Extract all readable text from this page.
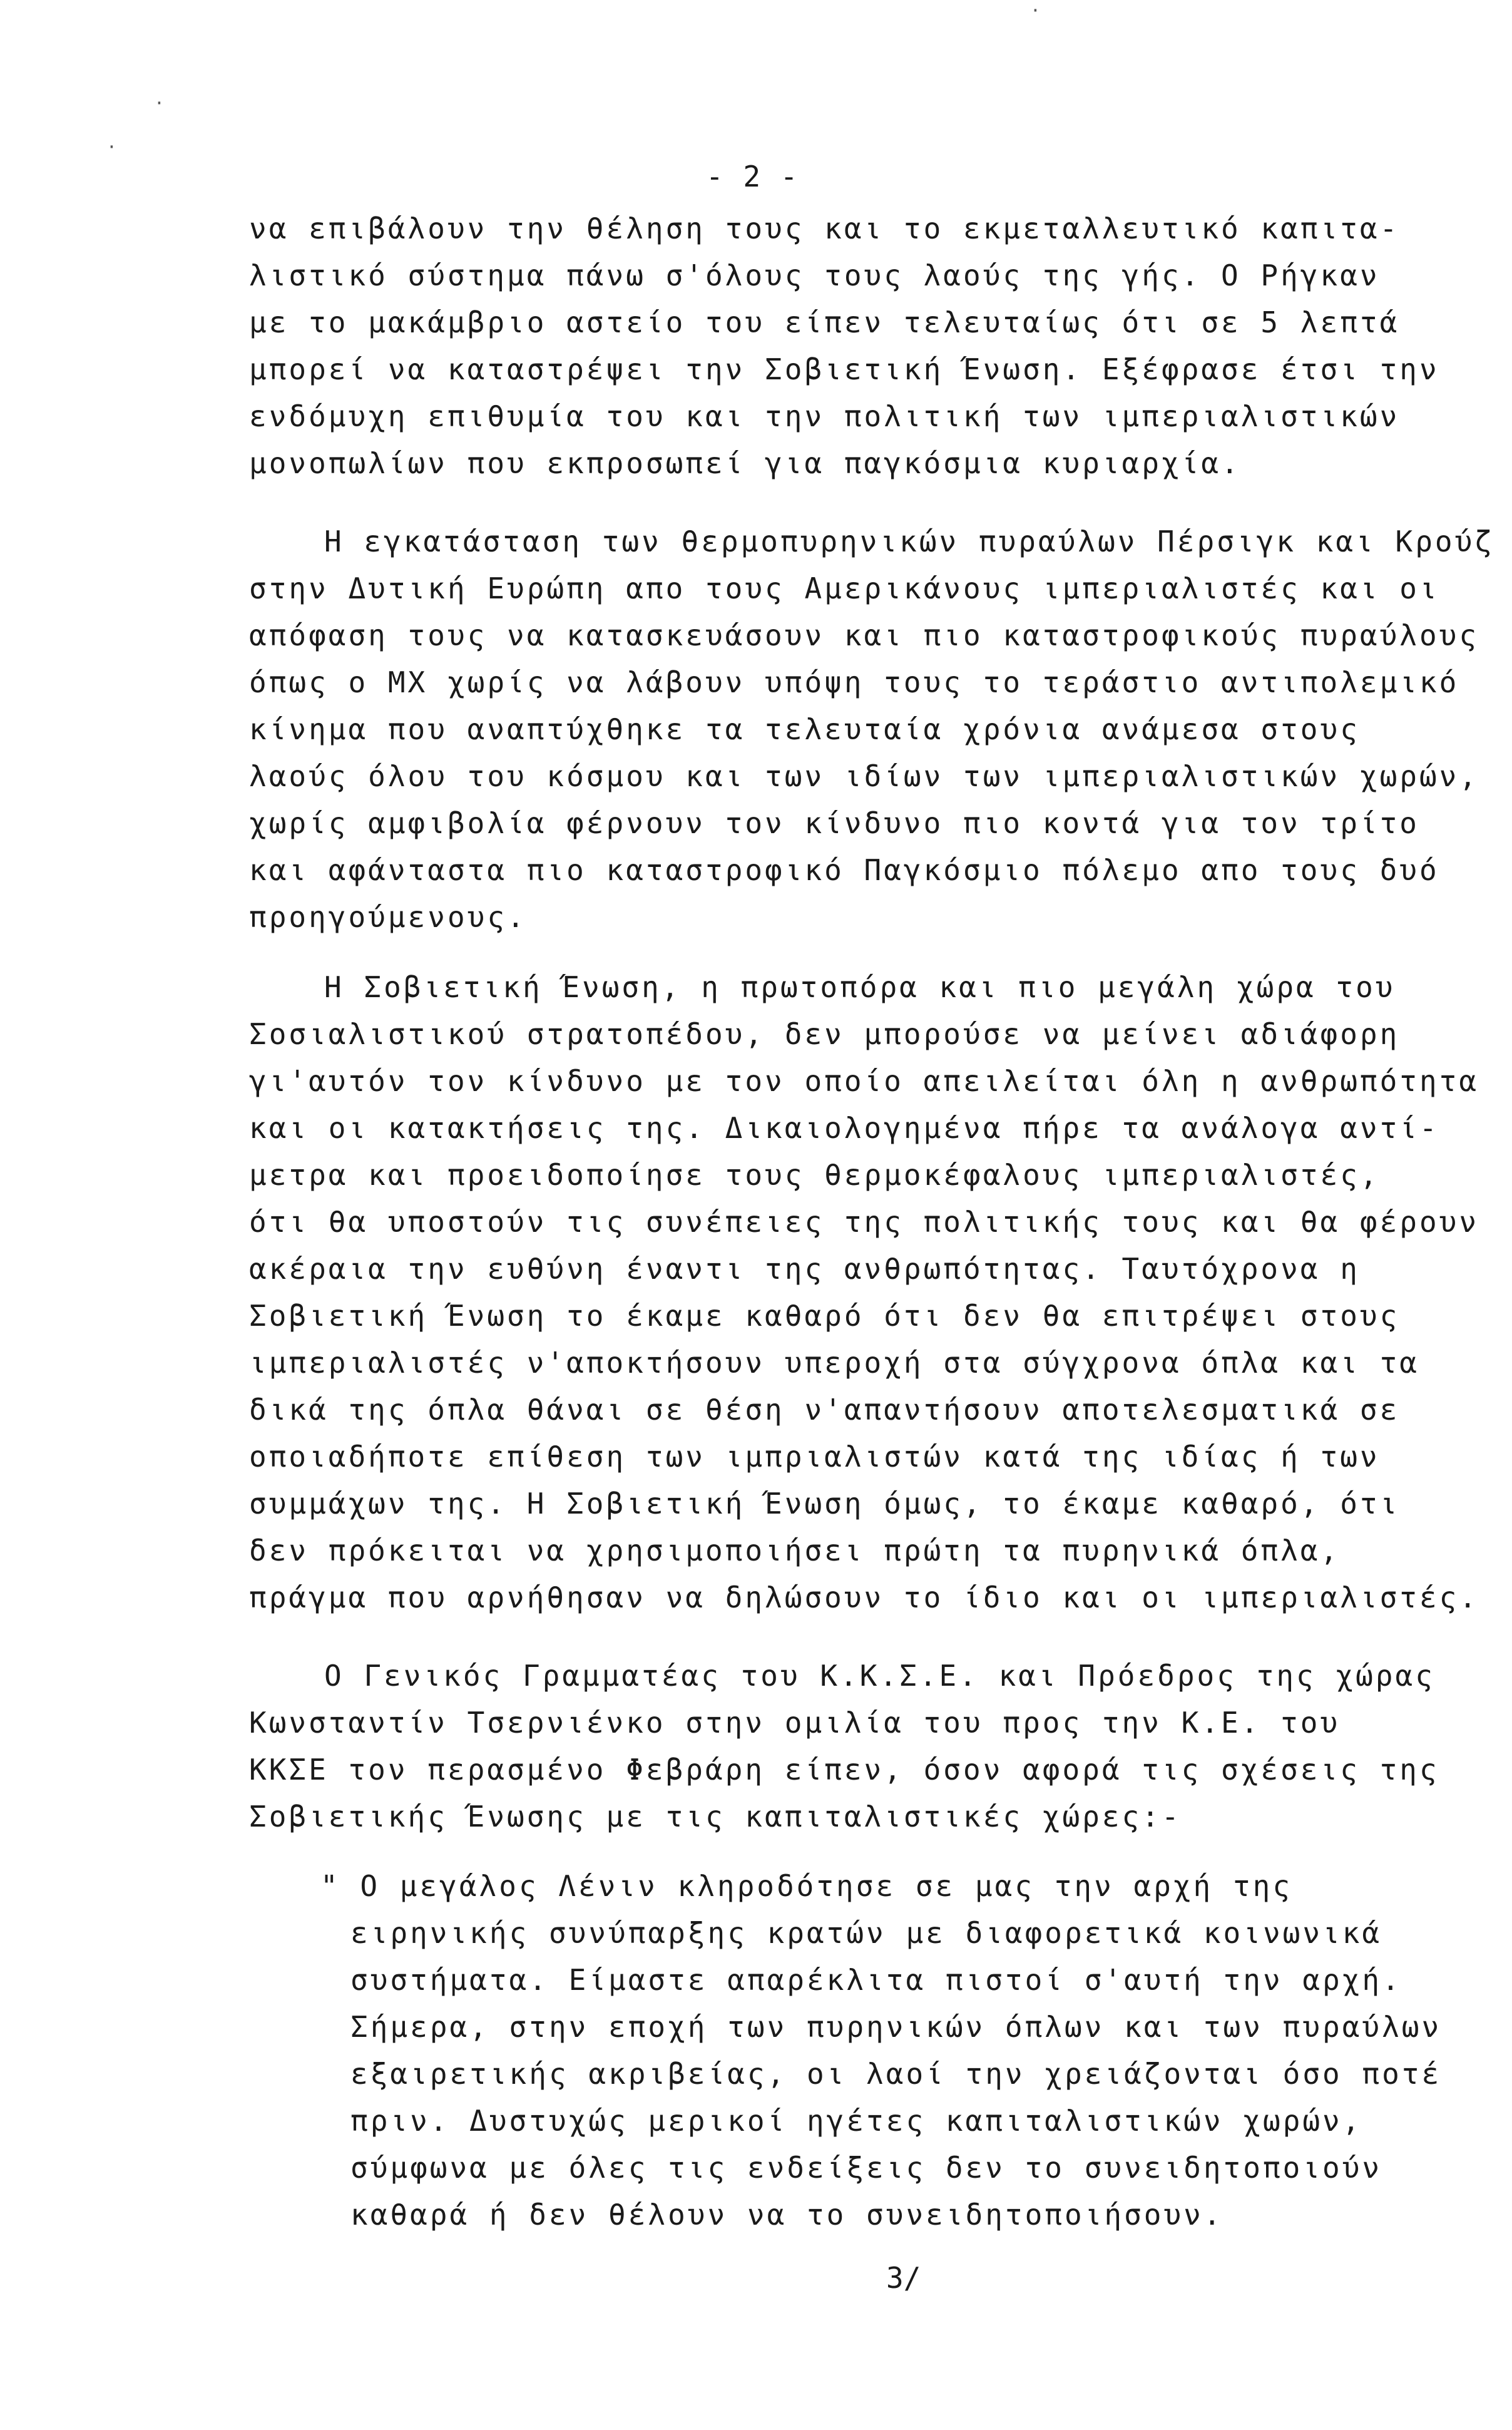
- 2 -
να επιβάλουν την θέληση τους και το εκμεταλλευτικό καπιτα-
λιστικό σύστημα πάνω σ'όλους τους λαούς της γής. Ο Ρήγκαν
με το μακάμβριο αστείο του είπεν τελευταίως ότι σε 5 λεπτά
μπορεί να καταστρέψει την Σοβιετική Ένωση. Εξέφρασε έτσι την
ενδόμυχη επιθυμία του και την πολιτική των ιμπεριαλιστικών
μονοπωλίων που εκπροσωπεί για παγκόσμια κυριαρχία.
Η εγκατάσταση των θερμοπυρηνικών πυραύλων Πέρσιγκ και Κρούζ
στην Δυτική Ευρώπη απο τους Αμερικάνους ιμπεριαλιστές και οι
απόφαση τους να κατασκευάσουν και πιο καταστροφικούς πυραύλους
όπως ο ΜΧ χωρίς να λάβουν υπόψη τους το τεράστιο αντιπολεμικό
κίνημα που αναπτύχθηκε τα τελευταία χρόνια ανάμεσα στους
λαούς όλου του κόσμου και των ιδίων των ιμπεριαλιστικών χωρών,
χωρίς αμφιβολία φέρνουν τον κίνδυνο πιο κοντά για τον τρίτο
και αφάνταστα πιο καταστροφικό Παγκόσμιο πόλεμο απο τους δυό
προηγούμενους.
Η Σοβιετική Ένωση, η πρωτοπόρα και πιο μεγάλη χώρα του
Σοσιαλιστικού στρατοπέδου, δεν μπορούσε να μείνει αδιάφορη
γι'αυτόν τον κίνδυνο με τον οποίο απειλείται όλη η ανθρωπότητα
και οι κατακτήσεις της. Δικαιολογημένα πήρε τα ανάλογα αντί-
μετρα και προειδοποίησε τους θερμοκέφαλους ιμπεριαλιστές,
ότι θα υποστούν τις συνέπειες της πολιτικής τους και θα φέρουν
ακέραια την ευθύνη έναντι της ανθρωπότητας. Ταυτόχρονα η
Σοβιετική Ένωση το έκαμε καθαρό ότι δεν θα επιτρέψει στους
ιμπεριαλιστές ν'αποκτήσουν υπεροχή στα σύγχρονα όπλα και τα
δικά της όπλα θάναι σε θέση ν'απαντήσουν αποτελεσματικά σε
οποιαδήποτε επίθεση των ιμπριαλιστών κατά της ιδίας ή των
συμμάχων της. Η Σοβιετική Ένωση όμως, το έκαμε καθαρό, ότι
δεν πρόκειται να χρησιμοποιήσει πρώτη τα πυρηνικά όπλα,
πράγμα που αρνήθησαν να δηλώσουν το ίδιο και οι ιμπεριαλιστές.
Ο Γενικός Γραμματέας του Κ.Κ.Σ.Ε. και Πρόεδρος της χώρας
Κωνσταντίν Τσερνιένκο στην ομιλία του προς την Κ.Ε. του
ΚΚΣΕ τον περασμένο Φεβράρη είπεν, όσον αφορά τις σχέσεις της
Σοβιετικής Ένωσης με τις καπιταλιστικές χώρες:-
" Ο μεγάλος Λένιν κληροδότησε σε μας την αρχή της
ειρηνικής συνύπαρξης κρατών με διαφορετικά κοινωνικά
συστήματα. Είμαστε απαρέκλιτα πιστοί σ'αυτή την αρχή.
Σήμερα, στην εποχή των πυρηνικών όπλων και των πυραύλων
εξαιρετικής ακριβείας, οι λαοί την χρειάζονται όσο ποτέ
πριν. Δυστυχώς μερικοί ηγέτες καπιταλιστικών χωρών,
σύμφωνα με όλες τις ενδείξεις δεν το συνειδητοποιούν
καθαρά ή δεν θέλουν να το συνειδητοποιήσουν.
3/
·
·
·
